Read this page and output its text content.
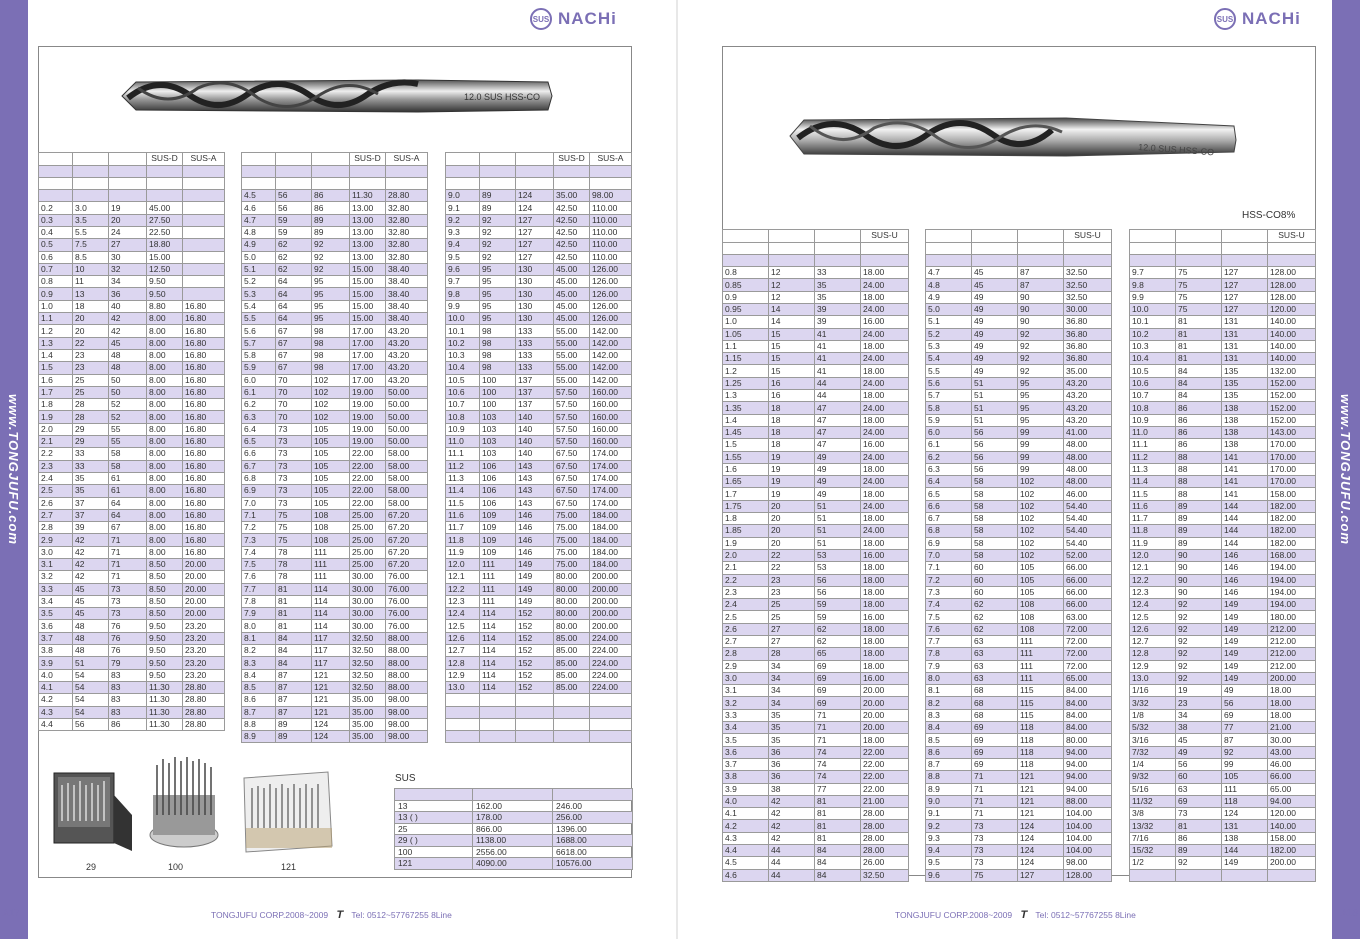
www.TONGJUFU.com	www.TONGJUFU.com
A17	A18
SUS NACHi	SUS NACHi
12.0 SUS HSS-CO
			SUS-D	SUS-A

0.2	3.0	19	45.00	
0.3	3.5	20	27.50	
0.4	5.5	24	22.50	
0.5	7.5	27	18.80	
0.6	8.5	30	15.00	
0.7	10	32	12.50	
0.8	11	34	9.50	
0.9	13	36	9.50	
1.0	18	40	8.80	16.80
1.1	20	42	8.00	16.80
1.2	20	42	8.00	16.80
1.3	22	45	8.00	16.80
1.4	23	48	8.00	16.80
1.5	23	48	8.00	16.80
1.6	25	50	8.00	16.80
1.7	25	50	8.00	16.80
1.8	28	52	8.00	16.80
1.9	28	52	8.00	16.80
2.0	29	55	8.00	16.80
2.1	29	55	8.00	16.80
2.2	33	58	8.00	16.80
2.3	33	58	8.00	16.80
2.4	35	61	8.00	16.80
2.5	35	61	8.00	16.80
2.6	37	64	8.00	16.80
2.7	37	64	8.00	16.80
2.8	39	67	8.00	16.80
2.9	42	71	8.00	16.80
3.0	42	71	8.00	16.80
3.1	42	71	8.50	20.00
3.2	42	71	8.50	20.00
3.3	45	73	8.50	20.00
3.4	45	73	8.50	20.00
3.5	45	73	8.50	20.00
3.6	48	76	9.50	23.20
3.7	48	76	9.50	23.20
3.8	48	76	9.50	23.20
3.9	51	79	9.50	23.20
4.0	54	83	9.50	23.20
4.1	54	83	11.30	28.80
4.2	54	83	11.30	28.80
4.3	54	83	11.30	28.80
4.4	56	86	11.30	28.80
			SUS-D	SUS-A

4.5	56	86	11.30	28.80
4.6	56	86	13.00	32.80
4.7	59	89	13.00	32.80
4.8	59	89	13.00	32.80
4.9	62	92	13.00	32.80
5.0	62	92	13.00	32.80
5.1	62	92	15.00	38.40
5.2	64	95	15.00	38.40
5.3	64	95	15.00	38.40
5.4	64	95	15.00	38.40
5.5	64	95	15.00	38.40
5.6	67	98	17.00	43.20
5.7	67	98	17.00	43.20
5.8	67	98	17.00	43.20
5.9	67	98	17.00	43.20
6.0	70	102	17.00	43.20
6.1	70	102	19.00	50.00
6.2	70	102	19.00	50.00
6.3	70	102	19.00	50.00
6.4	73	105	19.00	50.00
6.5	73	105	19.00	50.00
6.6	73	105	22.00	58.00
6.7	73	105	22.00	58.00
6.8	73	105	22.00	58.00
6.9	73	105	22.00	58.00
7.0	73	105	22.00	58.00
7.1	75	108	25.00	67.20
7.2	75	108	25.00	67.20
7.3	75	108	25.00	67.20
7.4	78	111	25.00	67.20
7.5	78	111	25.00	67.20
7.6	78	111	30.00	76.00
7.7	81	114	30.00	76.00
7.8	81	114	30.00	76.00
7.9	81	114	30.00	76.00
8.0	81	114	30.00	76.00
8.1	84	117	32.50	88.00
8.2	84	117	32.50	88.00
8.3	84	117	32.50	88.00
8.4	87	121	32.50	88.00
8.5	87	121	32.50	88.00
8.6	87	121	35.00	98.00
8.7	87	121	35.00	98.00
8.8	89	124	35.00	98.00
8.9	89	124	35.00	98.00
			SUS-D	SUS-A

9.0	89	124	35.00	98.00
9.1	89	124	42.50	110.00
9.2	92	127	42.50	110.00
9.3	92	127	42.50	110.00
9.4	92	127	42.50	110.00
9.5	92	127	42.50	110.00
9.6	95	130	45.00	126.00
9.7	95	130	45.00	126.00
9.8	95	130	45.00	126.00
9.9	95	130	45.00	126.00
10.0	95	130	45.00	126.00
10.1	98	133	55.00	142.00
10.2	98	133	55.00	142.00
10.3	98	133	55.00	142.00
10.4	98	133	55.00	142.00
10.5	100	137	55.00	142.00
10.6	100	137	57.50	160.00
10.7	100	137	57.50	160.00
10.8	103	140	57.50	160.00
10.9	103	140	57.50	160.00
11.0	103	140	57.50	160.00
11.1	103	140	67.50	174.00
11.2	106	143	67.50	174.00
11.3	106	143	67.50	174.00
11.4	106	143	67.50	174.00
11.5	106	143	67.50	174.00
11.6	109	146	75.00	184.00
11.7	109	146	75.00	184.00
11.8	109	146	75.00	184.00
11.9	109	146	75.00	184.00
12.0	111	149	75.00	184.00
12.1	111	149	80.00	200.00
12.2	111	149	80.00	200.00
12.3	111	149	80.00	200.00
12.4	114	152	80.00	200.00
12.5	114	152	80.00	200.00
12.6	114	152	85.00	224.00
12.7	114	152	85.00	224.00
12.8	114	152	85.00	224.00
12.9	114	152	85.00	224.00
13.0	114	152	85.00	224.00

29	100	121
SUS

13	162.00	246.00
13 ( )	178.00	256.00
25	866.00	1396.00
29 ( )	1138.00	1688.00
100	2556.00	6618.00
121	4090.00	10576.00
TONGJUFU CORP.2008~2009 T Tel: 0512~57767255 8Line
12.0 SUS HSS-CO
HSS-CO8%
			SUS-U

0.8	12	33	18.00
0.85	12	35	24.00
0.9	12	35	18.00
0.95	14	39	24.00
1.0	14	39	16.00
1.05	15	41	24.00
1.1	15	41	18.00
1.15	15	41	24.00
1.2	15	41	18.00
1.25	16	44	24.00
1.3	16	44	18.00
1.35	18	47	24.00
1.4	18	47	18.00
1.45	18	47	24.00
1.5	18	47	16.00
1.55	19	49	24.00
1.6	19	49	18.00
1.65	19	49	24.00
1.7	19	49	18.00
1.75	20	51	24.00
1.8	20	51	18.00
1.85	20	51	24.00
1.9	20	51	18.00
2.0	22	53	16.00
2.1	22	53	18.00
2.2	23	56	18.00
2.3	23	56	18.00
2.4	25	59	18.00
2.5	25	59	16.00
2.6	27	62	18.00
2.7	27	62	18.00
2.8	28	65	18.00
2.9	34	69	18.00
3.0	34	69	16.00
3.1	34	69	20.00
3.2	34	69	20.00
3.3	35	71	20.00
3.4	35	71	20.00
3.5	35	71	18.00
3.6	36	74	22.00
3.7	36	74	22.00
3.8	36	74	22.00
3.9	38	77	22.00
4.0	42	81	21.00
4.1	42	81	28.00
4.2	42	81	28.00
4.3	42	81	28.00
4.4	44	84	28.00
4.5	44	84	26.00
4.6	44	84	32.50
			SUS-U

4.7	45	87	32.50
4.8	45	87	32.50
4.9	49	90	32.50
5.0	49	90	30.00
5.1	49	90	36.80
5.2	49	92	36.80
5.3	49	92	36.80
5.4	49	92	36.80
5.5	49	92	35.00
5.6	51	95	43.20
5.7	51	95	43.20
5.8	51	95	43.20
5.9	51	95	43.20
6.0	56	99	41.00
6.1	56	99	48.00
6.2	56	99	48.00
6.3	56	99	48.00
6.4	58	102	48.00
6.5	58	102	46.00
6.6	58	102	54.40
6.7	58	102	54.40
6.8	58	102	54.40
6.9	58	102	54.40
7.0	58	102	52.00
7.1	60	105	66.00
7.2	60	105	66.00
7.3	60	105	66.00
7.4	62	108	66.00
7.5	62	108	63.00
7.6	62	108	72.00
7.7	63	111	72.00
7.8	63	111	72.00
7.9	63	111	72.00
8.0	63	111	65.00
8.1	68	115	84.00
8.2	68	115	84.00
8.3	68	115	84.00
8.4	69	118	84.00
8.5	69	118	80.00
8.6	69	118	94.00
8.7	69	118	94.00
8.8	71	121	94.00
8.9	71	121	94.00
9.0	71	121	88.00
9.1	71	121	104.00
9.2	73	124	104.00
9.3	73	124	104.00
9.4	73	124	104.00
9.5	73	124	98.00
9.6	75	127	128.00
			SUS-U

9.7	75	127	128.00
9.8	75	127	128.00
9.9	75	127	128.00
10.0	75	127	120.00
10.1	81	131	140.00
10.2	81	131	140.00
10.3	81	131	140.00
10.4	81	131	140.00
10.5	84	135	132.00
10.6	84	135	152.00
10.7	84	135	152.00
10.8	86	138	152.00
10.9	86	138	152.00
11.0	86	138	143.00
11.1	86	138	170.00
11.2	88	141	170.00
11.3	88	141	170.00
11.4	88	141	170.00
11.5	88	141	158.00
11.6	89	144	182.00
11.7	89	144	182.00
11.8	89	144	182.00
11.9	89	144	182.00
12.0	90	146	168.00
12.1	90	146	194.00
12.2	90	146	194.00
12.3	90	146	194.00
12.4	92	149	194.00
12.5	92	149	180.00
12.6	92	149	212.00
12.7	92	149	212.00
12.8	92	149	212.00
12.9	92	149	212.00
13.0	92	149	200.00
1/16	19	49	18.00
3/32	23	56	18.00
1/8	34	69	18.00
5/32	38	77	21.00
3/16	45	87	30.00
7/32	49	92	43.00
1/4	56	99	46.00
9/32	60	105	66.00
5/16	63	111	65.00
11/32	69	118	94.00
3/8	73	124	120.00
13/32	81	131	140.00
7/16	86	138	158.00
15/32	89	144	182.00
1/2	92	149	200.00

TONGJUFU CORP.2008~2009 T Tel: 0512~57767255 8Line
